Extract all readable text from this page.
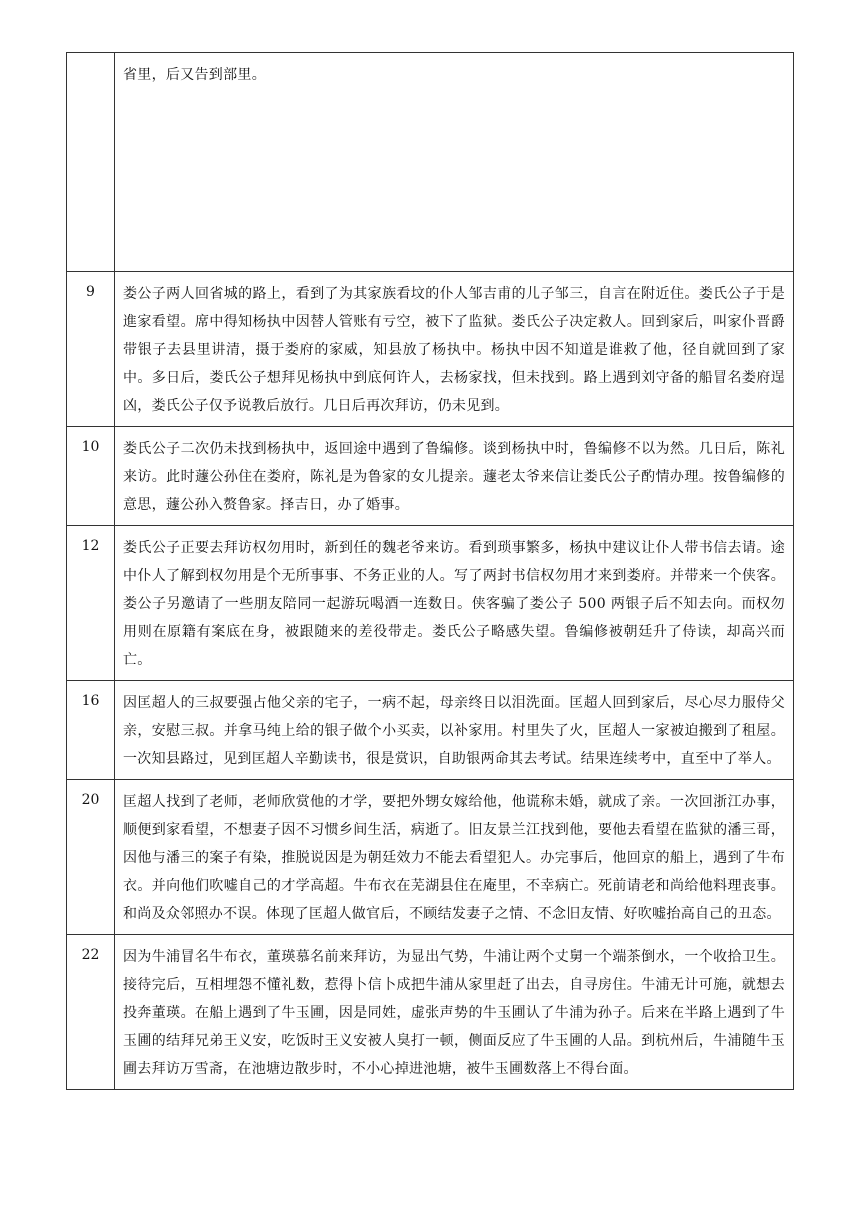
	省里，后又告到部里。
9	娄公子两人回省城的路上，看到了为其家族看坟的仆人邹吉甫的儿子邹三，自言在附近住。娄氏公子于是進家看望。席中得知杨执中因替人管账有亏空，被下了监狱。娄氏公子决定救人。回到家后，叫家仆晋爵带银子去县里讲清，摄于娄府的家威，知县放了杨执中。杨执中因不知道是谁救了他，径自就回到了家中。多日后，娄氏公子想拜见杨执中到底何许人，去杨家找，但未找到。路上遇到刘守备的船冒名娄府逞凶，娄氏公子仅予说教后放行。几日后再次拜访，仍未见到。
10	娄氏公子二次仍未找到杨执中，返回途中遇到了鲁编修。谈到杨执中时，鲁编修不以为然。几日后，陈礼来访。此时蘧公孙住在娄府，陈礼是为鲁家的女儿提亲。蘧老太爷来信让娄氏公子酌情办理。按鲁编修的意思，蘧公孙入赘鲁家。择吉日，办了婚事。
12	娄氏公子正要去拜访权勿用时，新到任的魏老爷来访。看到琐事繁多，杨执中建议让仆人带书信去请。途中仆人了解到权勿用是个无所事事、不务正业的人。写了两封书信权勿用才来到娄府。并带来一个侠客。娄公子另邀请了一些朋友陪同一起游玩喝酒一连数日。侠客骗了娄公子 500 两银子后不知去向。而权勿用则在原籍有案底在身，被跟随来的差役带走。娄氏公子略感失望。鲁编修被朝廷升了侍读，却高兴而亡。
16	因匡超人的三叔要强占他父亲的宅子，一病不起，母亲终日以泪洗面。匡超人回到家后，尽心尽力服侍父亲，安慰三叔。并拿马纯上给的银子做个小买卖，以补家用。村里失了火，匡超人一家被迫搬到了租屋。一次知县路过，见到匡超人辛勤读书，很是赏识，自助银两命其去考试。结果连续考中，直至中了举人。
20	匡超人找到了老师，老师欣赏他的才学，要把外甥女嫁给他，他谎称未婚，就成了亲。一次回浙江办事，顺便到家看望，不想妻子因不习惯乡间生活，病逝了。旧友景兰江找到他，要他去看望在监狱的潘三哥，因他与潘三的案子有染，推脱说因是为朝廷效力不能去看望犯人。办完事后，他回京的船上，遇到了牛布衣。并向他们吹嘘自己的才学高超。牛布衣在芜湖县住在庵里，不幸病亡。死前请老和尚给他料理丧事。和尚及众邻照办不误。体现了匡超人做官后，不顾结发妻子之情、不念旧友情、好吹嘘抬高自己的丑态。
22	因为牛浦冒名牛布衣，董瑛慕名前来拜访，为显出气势，牛浦让两个丈舅一个端茶倒水，一个收拾卫生。接待完后，互相埋怨不懂礼数，惹得卜信卜成把牛浦从家里赶了出去，自寻房住。牛浦无计可施，就想去投奔董瑛。在船上遇到了牛玉圃，因是同姓，虚张声势的牛玉圃认了牛浦为孙子。后来在半路上遇到了牛玉圃的结拜兄弟王义安，吃饭时王义安被人臭打一顿，侧面反应了牛玉圃的人品。到杭州后，牛浦随牛玉圃去拜访万雪斋，在池塘边散步时，不小心掉进池塘，被牛玉圃数落上不得台面。
